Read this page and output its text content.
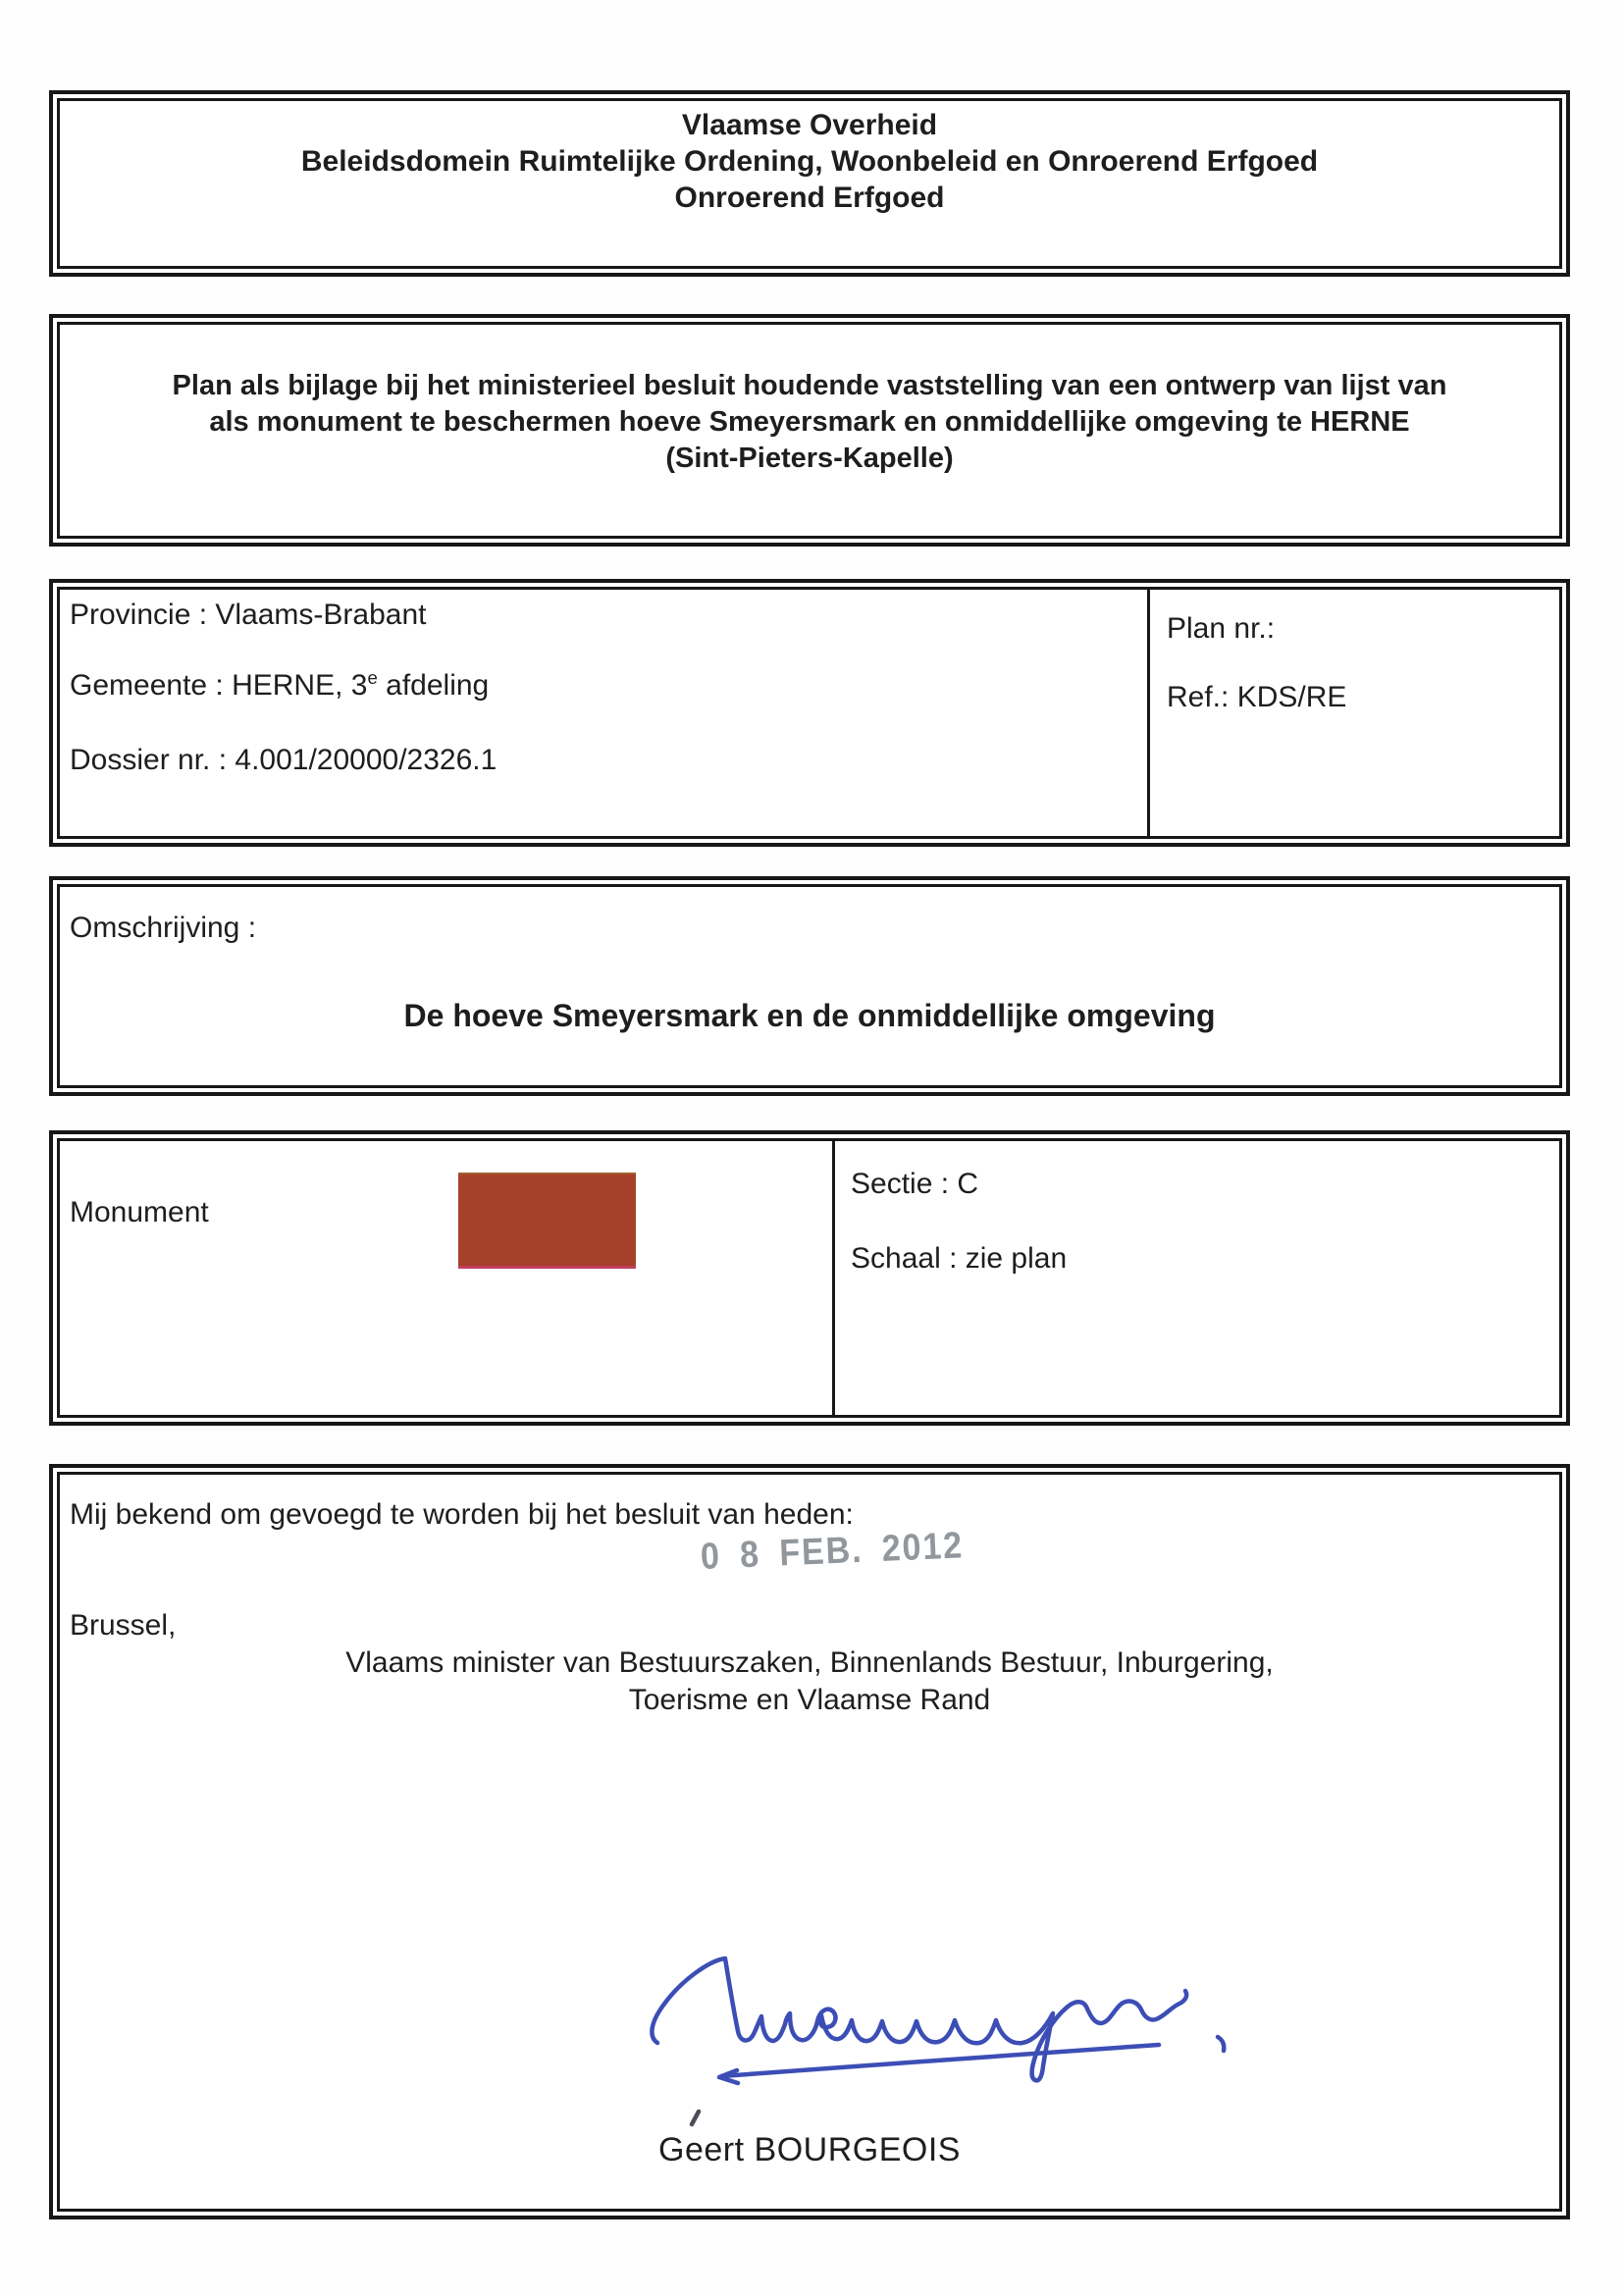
Vlaamse Overheid
Beleidsdomein Ruimtelijke Ordening, Woonbeleid en Onroerend Erfgoed
Onroerend Erfgoed
Plan als bijlage bij het ministerieel besluit houdende vaststelling van een ontwerp van lijst van
als monument te beschermen hoeve Smeyersmark en onmiddellijke omgeving te HERNE
(Sint-Pieters-Kapelle)
Provincie : Vlaams-Brabant
Gemeente : HERNE, 3e afdeling
Dossier nr. : 4.001/20000/2326.1
Plan nr.:
Ref.: KDS/RE
Omschrijving :
De hoeve Smeyersmark en de onmiddellijke omgeving
Monument
Sectie : C
Schaal : zie plan
Mij bekend om gevoegd te worden bij het besluit van heden:
0 8 FEB. 2012
Brussel,
Vlaams minister van Bestuurszaken, Binnenlands Bestuur, Inburgering,
Toerisme en Vlaamse Rand
Geert BOURGEOIS
